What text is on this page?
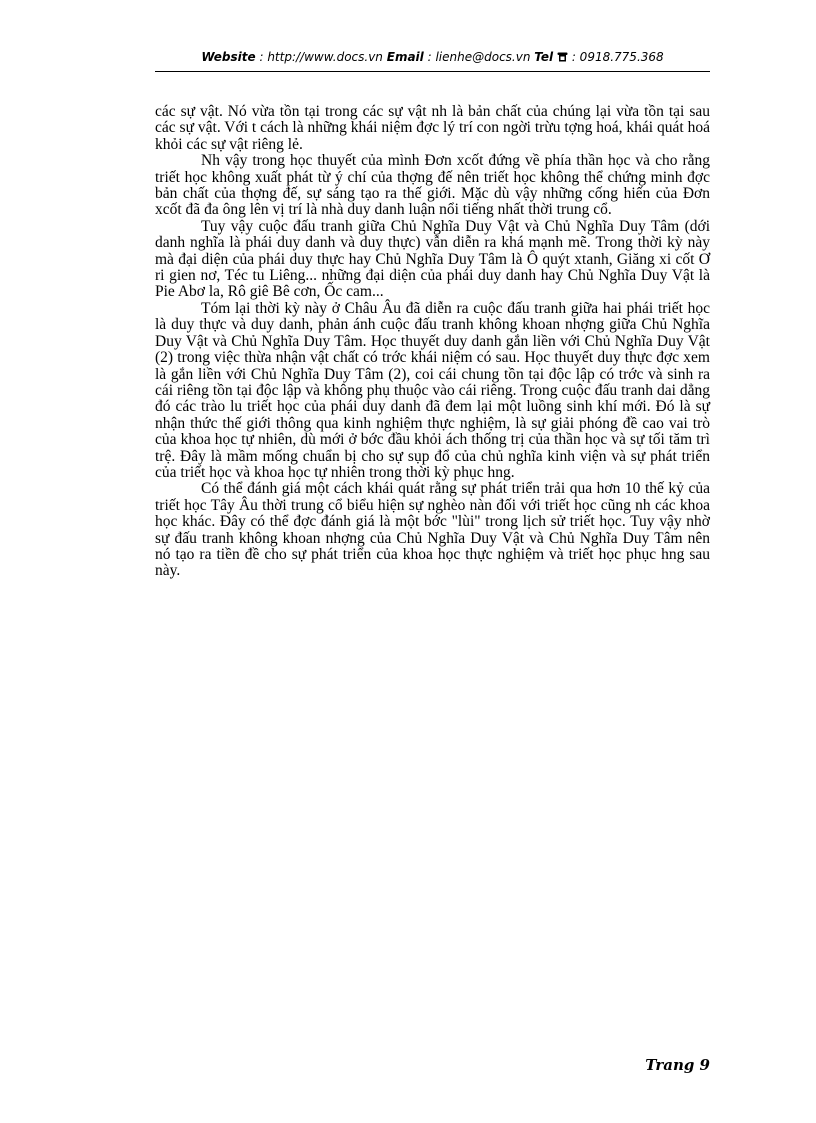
Website : http://www.docs.vn Email : lienhe@docs.vn Tel : 0918.775.368

các sự vật. Nó vừa tồn tại trong các sự vật nh là bản chất của chúng lại vừa tồn tại sau các sự vật. Với t cách là những khái niệm đợc lý trí con ngời trừu tợng hoá, khái quát hoá khỏi các sự vật riêng lẻ.

Nh vậy trong học thuyết của mình Đơn xcốt đứng về phía thần học và cho rằng triết học không xuất phát từ ý chí của thợng đế nên triết học không thể chứng minh đợc bản chất của thợng đế, sự sáng tạo ra thế giới. Mặc dù vậy những cống hiến của Đơn xcốt đã đa ông lên vị trí là nhà duy danh luận nổi tiếng nhất thời trung cổ.

Tuy vậy cuộc đấu tranh giữa Chủ Nghĩa Duy Vật và Chủ Nghĩa Duy Tâm (dới danh nghĩa là phái duy danh và duy thực) vẫn diễn ra khá mạnh mẽ. Trong thời kỳ này mà đại diện của phái duy thực hay Chủ Nghĩa Duy Tâm là Ô quýt xtanh, Giăng xi cốt Ơ ri gien nơ, Téc tu Liêng... những đại diện của phái duy danh hay Chủ Nghĩa Duy Vật là Pie Abơ la, Rô giê Bê cơn, Ốc cam...

Tóm lại thời kỳ này ở Châu Âu đã diễn ra cuộc đấu tranh giữa hai phái triết học là duy thực và duy danh, phản ánh cuộc đấu tranh không khoan nhợng giữa Chủ Nghĩa Duy Vật và Chủ Nghĩa Duy Tâm. Học thuyết duy danh gắn liền với Chủ Nghĩa Duy Vật (2) trong việc thừa nhận vật chất có trớc khái niệm có sau. Học thuyết duy thực đợc xem là gắn liền với Chủ Nghĩa Duy Tâm (2), coi cái chung tồn tại độc lập có trớc và sinh ra cái riêng tồn tại độc lập và không phụ thuộc vào cái riêng. Trong cuộc đấu tranh dai dẳng đó các trào lu triết học của phái duy danh đã đem lại một luồng sinh khí mới. Đó là sự nhận thức thế giới thông qua kinh nghiệm thực nghiệm, là sự giải phóng đề cao vai trò của khoa học tự nhiên, dù mới ở bớc đầu khỏi ách thống trị của thần học và sự tối tăm trì trệ. Đây là mầm mống chuẩn bị cho sự sụp đổ của chủ nghĩa kinh viện và sự phát triển của triết học và khoa học tự nhiên trong thời kỳ phục hng.

Có thể đánh giá một cách khái quát rằng sự phát triển trải qua hơn 10 thế kỷ của triết học Tây Âu thời trung cổ biểu hiện sự nghèo nàn đối với triết học cũng nh các khoa học khác. Đây có thể đợc đánh giá là một bớc "lùi" trong lịch sử triết học. Tuy vậy nhờ sự đấu tranh không khoan nhợng của Chủ Nghĩa Duy Vật và Chủ Nghĩa Duy Tâm nên nó tạo ra tiền đề cho sự phát triển của khoa học thực nghiệm và triết học phục hng sau này.

Trang 9
